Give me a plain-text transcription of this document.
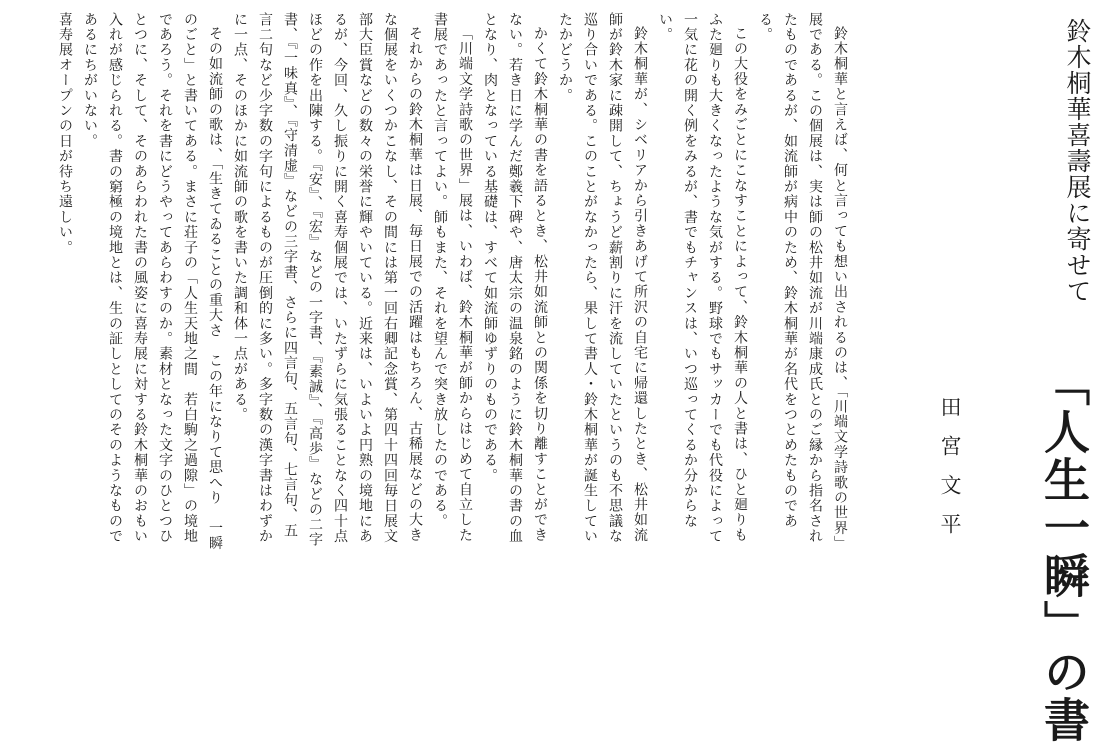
鈴木桐華喜壽展に寄せて
「人生一瞬」の書
田宮文平

鈴木桐華と言えば、何と言っても想い出されるのは、「川端文学詩歌の世界」展である。この個展は、実は師の松井如流が川端康成氏とのご縁から指名されたものであるが、如流師が病中のため、鈴木桐華が名代をつとめたものである。

この大役をみごとにこなすことによって、鈴木桐華の人と書は、ひと廻りもふた廻りも大きくなったような気がする。野球でもサッカーでも代役によって一気に花の開く例をみるが、書でもチャンスは、いつ巡ってくるか分からない。

鈴木桐華が、シベリアから引きあげて所沢の自宅に帰還したとき、松井如流師が鈴木家に疎開して、ちょうど薪割りに汗を流していたというのも不思議な巡り合いである。このことがなかったら、果して書人・鈴木桐華が誕生していたかどうか。

かくて鈴木桐華の書を語るとき、松井如流師との関係を切り離すことができない。若き日に学んだ鄭羲下碑や、唐太宗の温泉銘のように鈴木桐華の書の血となり、肉となっている基礎は、すべて如流師ゆずりのものである。

「川端文学詩歌の世界」展は、いわば、鈴木桐華が師からはじめて自立した書展であったと言ってよい。師もまた、それを望んで突き放したのである。

それからの鈴木桐華は日展、毎日展での活躍はもちろん、古稀展などの大きな個展をいくつかこなし、その間には第一回右卿記念賞、第四十四回毎日展文部大臣賞などの数々の栄誉に輝やいている。近来は、いよいよ円熟の境地にあるが、今回、久し振りに開く喜寿個展では、いたずらに気張ることなく四十点ほどの作を出陳する。『安』、『宏』などの一字書、『素誠』、『高歩』などの二字書、『一味真』、『守清虚』などの三字書、さらに四言句、五言句、七言句、五言二句など少字数の字句によるものが圧倒的に多い。多字数の漢字書はわずかに一点、そのほかに如流師の歌を書いた調和体一点がある。

その如流師の歌は、「生きてゐることの重大さ　この年になりて思へり　一瞬のごと」と書いてある。まさに荘子の「人生天地之間　若白駒之過隙」の境地であろう。それを書にどうやってあらわすのか。素材となった文字のひとつひとつに、そして、そのあらわれた書の風姿に喜寿展に対する鈴木桐華のおもい入れが感じられる。書の窮極の境地とは、生の証しとしてのそのようなものであるにちがいない。

喜寿展オープンの日が待ち遠しい。
